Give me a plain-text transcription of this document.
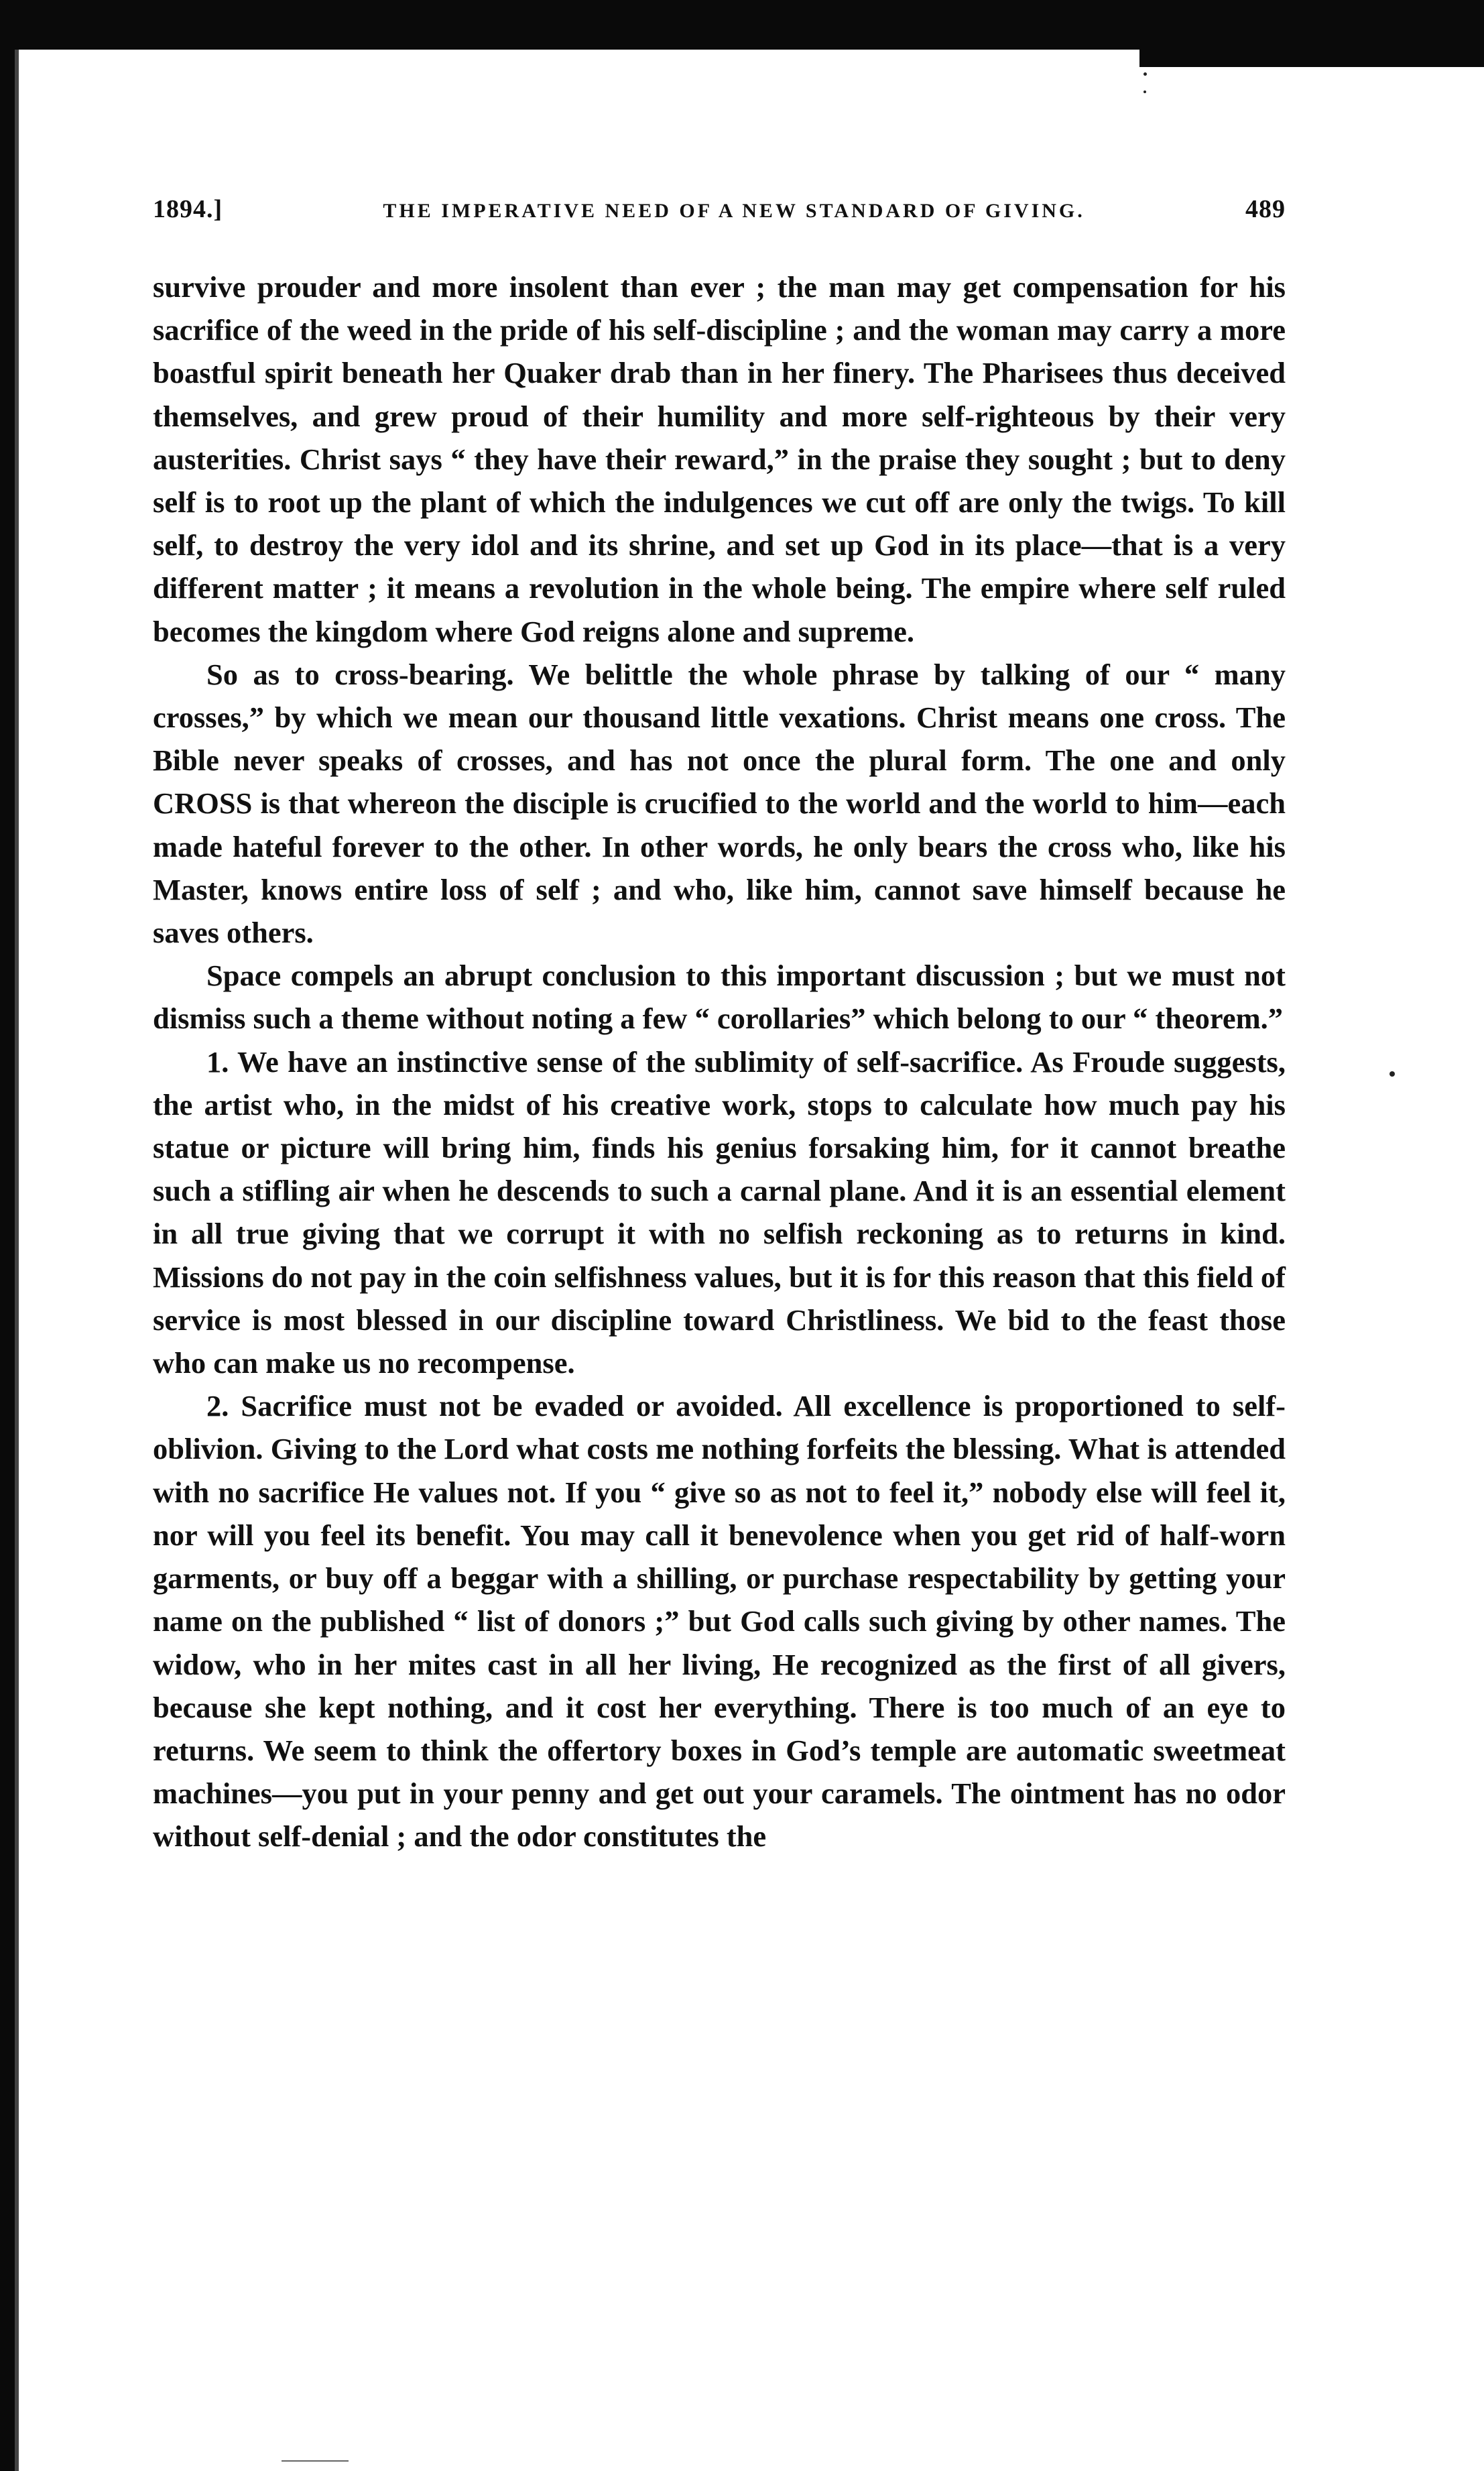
1894.]	THE IMPERATIVE NEED OF A NEW STANDARD OF GIVING.	489

survive prouder and more insolent than ever ; the man may get compensation for his sacrifice of the weed in the pride of his self-discipline ; and the woman may carry a more boastful spirit beneath her Quaker drab than in her finery. The Pharisees thus deceived themselves, and grew proud of their humility and more self-righteous by their very austerities. Christ says “ they have their reward,” in the praise they sought ; but to deny self is to root up the plant of which the indulgences we cut off are only the twigs. To kill self, to destroy the very idol and its shrine, and set up God in its place—that is a very different matter ; it means a revolution in the whole being. The empire where self ruled becomes the kingdom where God reigns alone and supreme.

So as to cross-bearing. We belittle the whole phrase by talking of our “ many crosses,” by which we mean our thousand little vexations. Christ means one cross. The Bible never speaks of crosses, and has not once the plural form. The one and only CROSS is that whereon the disciple is crucified to the world and the world to him—each made hateful forever to the other. In other words, he only bears the cross who, like his Master, knows entire loss of self ; and who, like him, cannot save himself because he saves others.

Space compels an abrupt conclusion to this important discussion ; but we must not dismiss such a theme without noting a few “ corollaries” which belong to our “ theorem.”

1. We have an instinctive sense of the sublimity of self-sacrifice. As Froude suggests, the artist who, in the midst of his creative work, stops to calculate how much pay his statue or picture will bring him, finds his genius forsaking him, for it cannot breathe such a stifling air when he descends to such a carnal plane. And it is an essential element in all true giving that we corrupt it with no selfish reckoning as to returns in kind. Missions do not pay in the coin selfishness values, but it is for this reason that this field of service is most blessed in our discipline toward Christliness. We bid to the feast those who can make us no recompense.

2. Sacrifice must not be evaded or avoided. All excellence is proportioned to self-oblivion. Giving to the Lord what costs me nothing forfeits the blessing. What is attended with no sacrifice He values not. If you “ give so as not to feel it,” nobody else will feel it, nor will you feel its benefit. You may call it benevolence when you get rid of half-worn garments, or buy off a beggar with a shilling, or purchase respectability by getting your name on the published “ list of donors ;” but God calls such giving by other names. The widow, who in her mites cast in all her living, He recognized as the first of all givers, because she kept nothing, and it cost her everything. There is too much of an eye to returns. We seem to think the offertory boxes in God’s temple are automatic sweetmeat machines—you put in your penny and get out your caramels. The ointment has no odor without self-denial ; and the odor constitutes the
